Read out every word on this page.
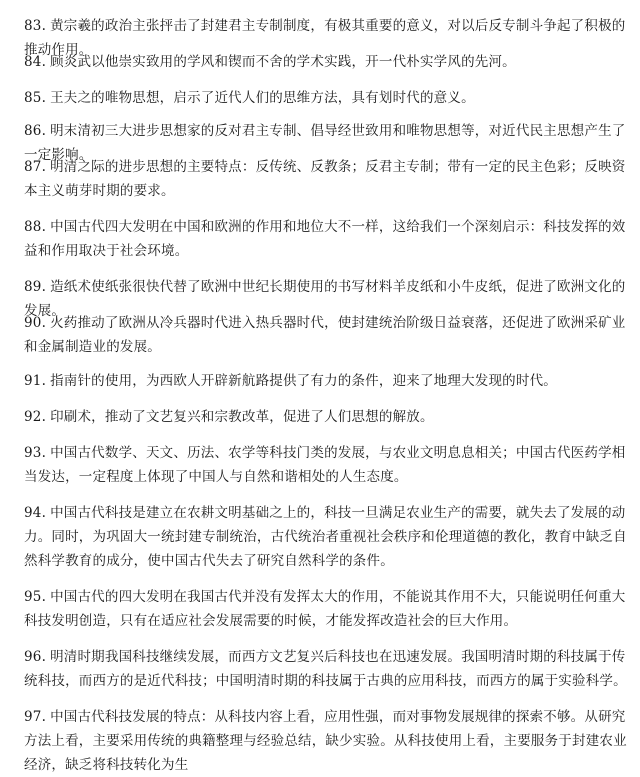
83. 黄宗羲的政治主张抨击了封建君主专制制度，有极其重要的意义，对以后反专制斗争起了积极的推动作用。

84. 顾炎武以他崇实致用的学风和锲而不舍的学术实践，开一代朴实学风的先河。

85. 王夫之的唯物思想，启示了近代人们的思维方法，具有划时代的意义。

86. 明末清初三大进步思想家的反对君主专制、倡导经世致用和唯物思想等，对近代民主思想产生了一定影响。

87. 明清之际的进步思想的主要特点：反传统、反教条；反君主专制；带有一定的民主色彩；反映资本主义萌芽时期的要求。

88. 中国古代四大发明在中国和欧洲的作用和地位大不一样，这给我们一个深刻启示：科技发挥的效益和作用取决于社会环境。

89. 造纸术使纸张很快代替了欧洲中世纪长期使用的书写材料羊皮纸和小牛皮纸，促进了欧洲文化的发展。

90. 火药推动了欧洲从冷兵器时代进入热兵器时代，使封建统治阶级日益衰落，还促进了欧洲采矿业和金属制造业的发展。

91. 指南针的使用，为西欧人开辟新航路提供了有力的条件，迎来了地理大发现的时代。

92. 印刷术，推动了文艺复兴和宗教改革，促进了人们思想的解放。

93. 中国古代数学、天文、历法、农学等科技门类的发展，与农业文明息息相关；中国古代医药学相当发达，一定程度上体现了中国人与自然和谐相处的人生态度。

94. 中国古代科技是建立在农耕文明基础之上的，科技一旦满足农业生产的需要，就失去了发展的动力。同时，为巩固大一统封建专制统治，古代统治者重视社会秩序和伦理道德的教化，教育中缺乏自然科学教育的成分，使中国古代失去了研究自然科学的条件。

95. 中国古代的四大发明在我国古代并没有发挥太大的作用，不能说其作用不大，只能说明任何重大科技发明创造，只有在适应社会发展需要的时候，才能发挥改造社会的巨大作用。

96. 明清时期我国科技继续发展，而西方文艺复兴后科技也在迅速发展。我国明清时期的科技属于传统科技，而西方的是近代科技；中国明清时期的科技属于古典的应用科技，而西方的属于实验科学。

97. 中国古代科技发展的特点：从科技内容上看，应用性强，而对事物发展规律的探索不够。从研究方法上看，主要采用传统的典籍整理与经验总结，缺少实验。从科技使用上看，主要服务于封建农业经济，缺乏将科技转化为生
